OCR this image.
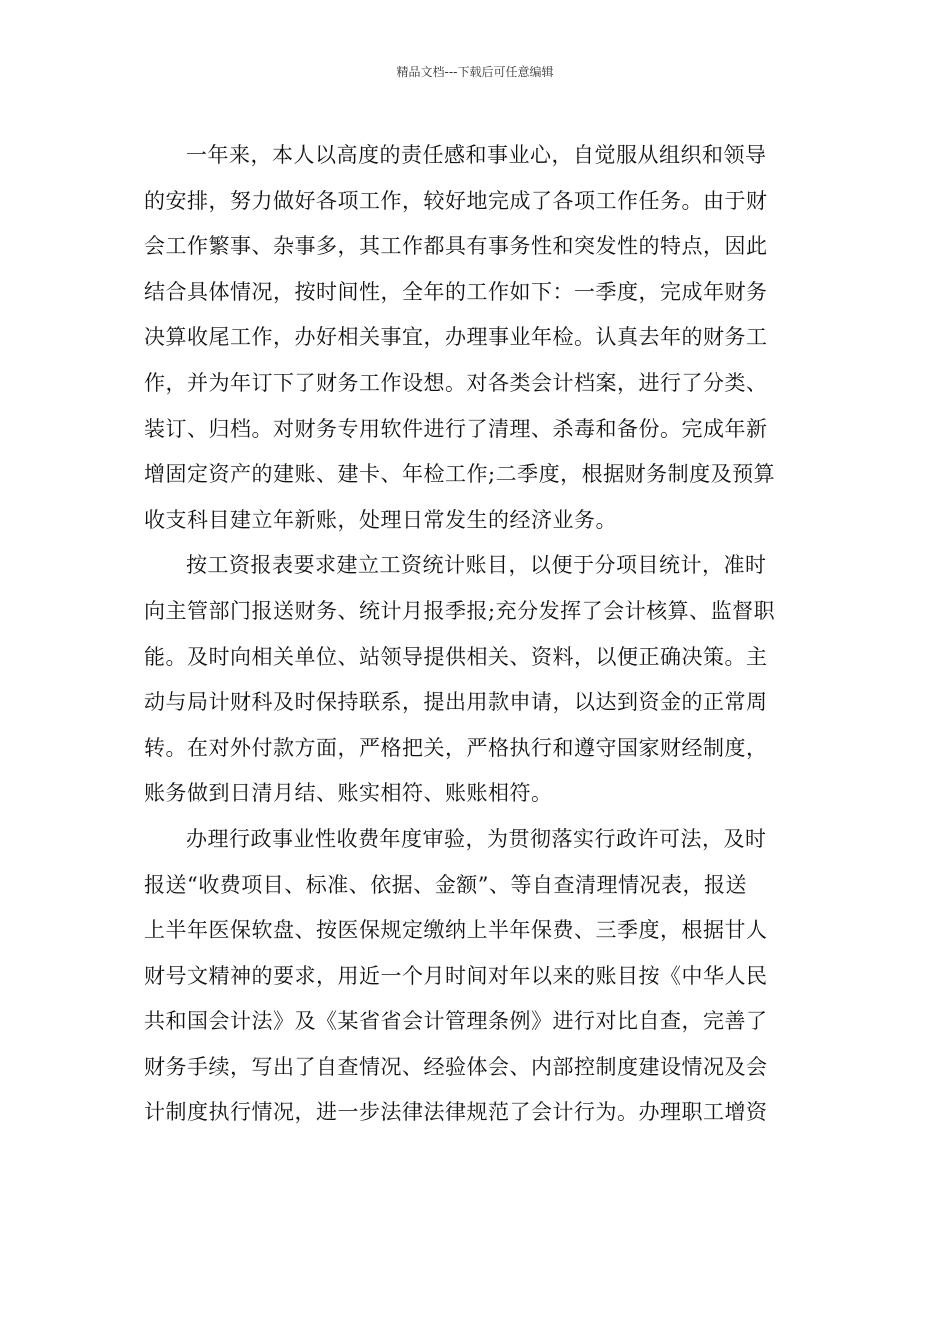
精品文档---下载后可任意编辑

一年来，本人以高度的责任感和事业心，自觉服从组织和领导
的安排，努力做好各项工作，较好地完成了各项工作任务。由于财
会工作繁事、杂事多，其工作都具有事务性和突发性的特点，因此
结合具体情况，按时间性，全年的工作如下：一季度，完成年财务
决算收尾工作，办好相关事宜，办理事业年检。认真去年的财务工
作，并为年订下了财务工作设想。对各类会计档案，进行了分类、
装订、归档。对财务专用软件进行了清理、杀毒和备份。完成年新
增固定资产的建账、建卡、年检工作;二季度，根据财务制度及预算
收支科目建立年新账，处理日常发生的经济业务。

按工资报表要求建立工资统计账目，以便于分项目统计，准时
向主管部门报送财务、统计月报季报;充分发挥了会计核算、监督职
能。及时向相关单位、站领导提供相关、资料，以便正确决策。主
动与局计财科及时保持联系，提出用款申请，以达到资金的正常周
转。在对外付款方面，严格把关，严格执行和遵守国家财经制度，
账务做到日清月结、账实相符、账账相符。

办理行政事业性收费年度审验，为贯彻落实行政许可法，及时
报送“收费项目、标准、依据、金额”、等自查清理情况表，报送
上半年医保软盘、按医保规定缴纳上半年保费、三季度，根据甘人
财号文精神的要求，用近一个月时间对年以来的账目按《中华人民
共和国会计法》及《某省省会计管理条例》进行对比自查，完善了
财务手续，写出了自查情况、经验体会、内部控制度建设情况及会
计制度执行情况，进一步法律法律规范了会计行为。办理职工增资
